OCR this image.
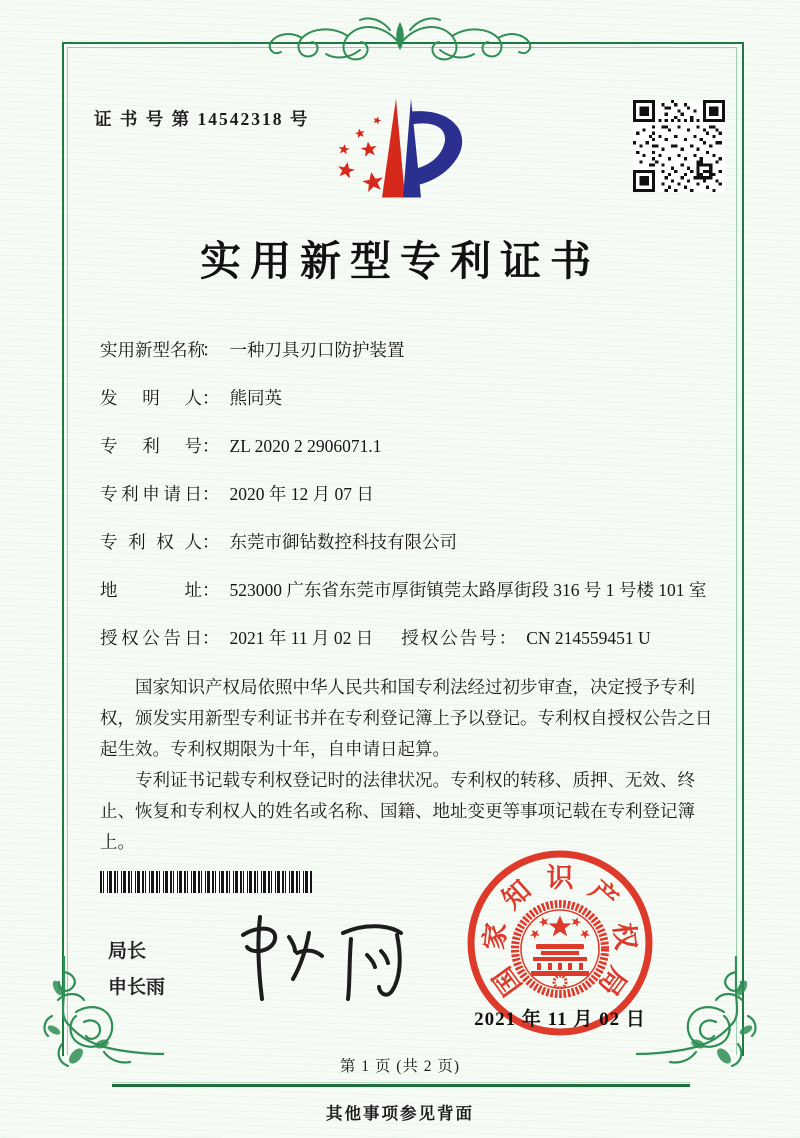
证 书 号 第 14542318 号
实用新型专利证书
实用新型名称
： 一种刀具刃口防护装置
发明人 ： 熊同英
专利号 ： ZL 2020 2 2906071.1
专利申请日 ： 2020 年 12 月 07 日
专利权人 ： 东莞市御钻数控科技有限公司
地址 ： 523000 广东省东莞市厚街镇莞太路厚街段 316 号 1 号楼 101 室
授权公告日 ： 2021 年 11 月 02 日 授权公告号 ： CN 214559451 U

国家知识产权局依照中华人民共和国专利法经过初步审查，决定授予专利权，颁发实用新型专利证书并在专利登记簿上予以登记。专利权自授权公告之日起生效。专利权期限为十年，自申请日起算。

专利证书记载专利权登记时的法律状况。专利权的转移、质押、无效、终止、恢复和专利权人的姓名或名称、国籍、地址变更等事项记载在专利登记簿上。

局长
申长雨	国
家
知 识 产
权
局
2021 年 11 月 02 日
第 1 页 (共 2 页)
其他事项参见背面
